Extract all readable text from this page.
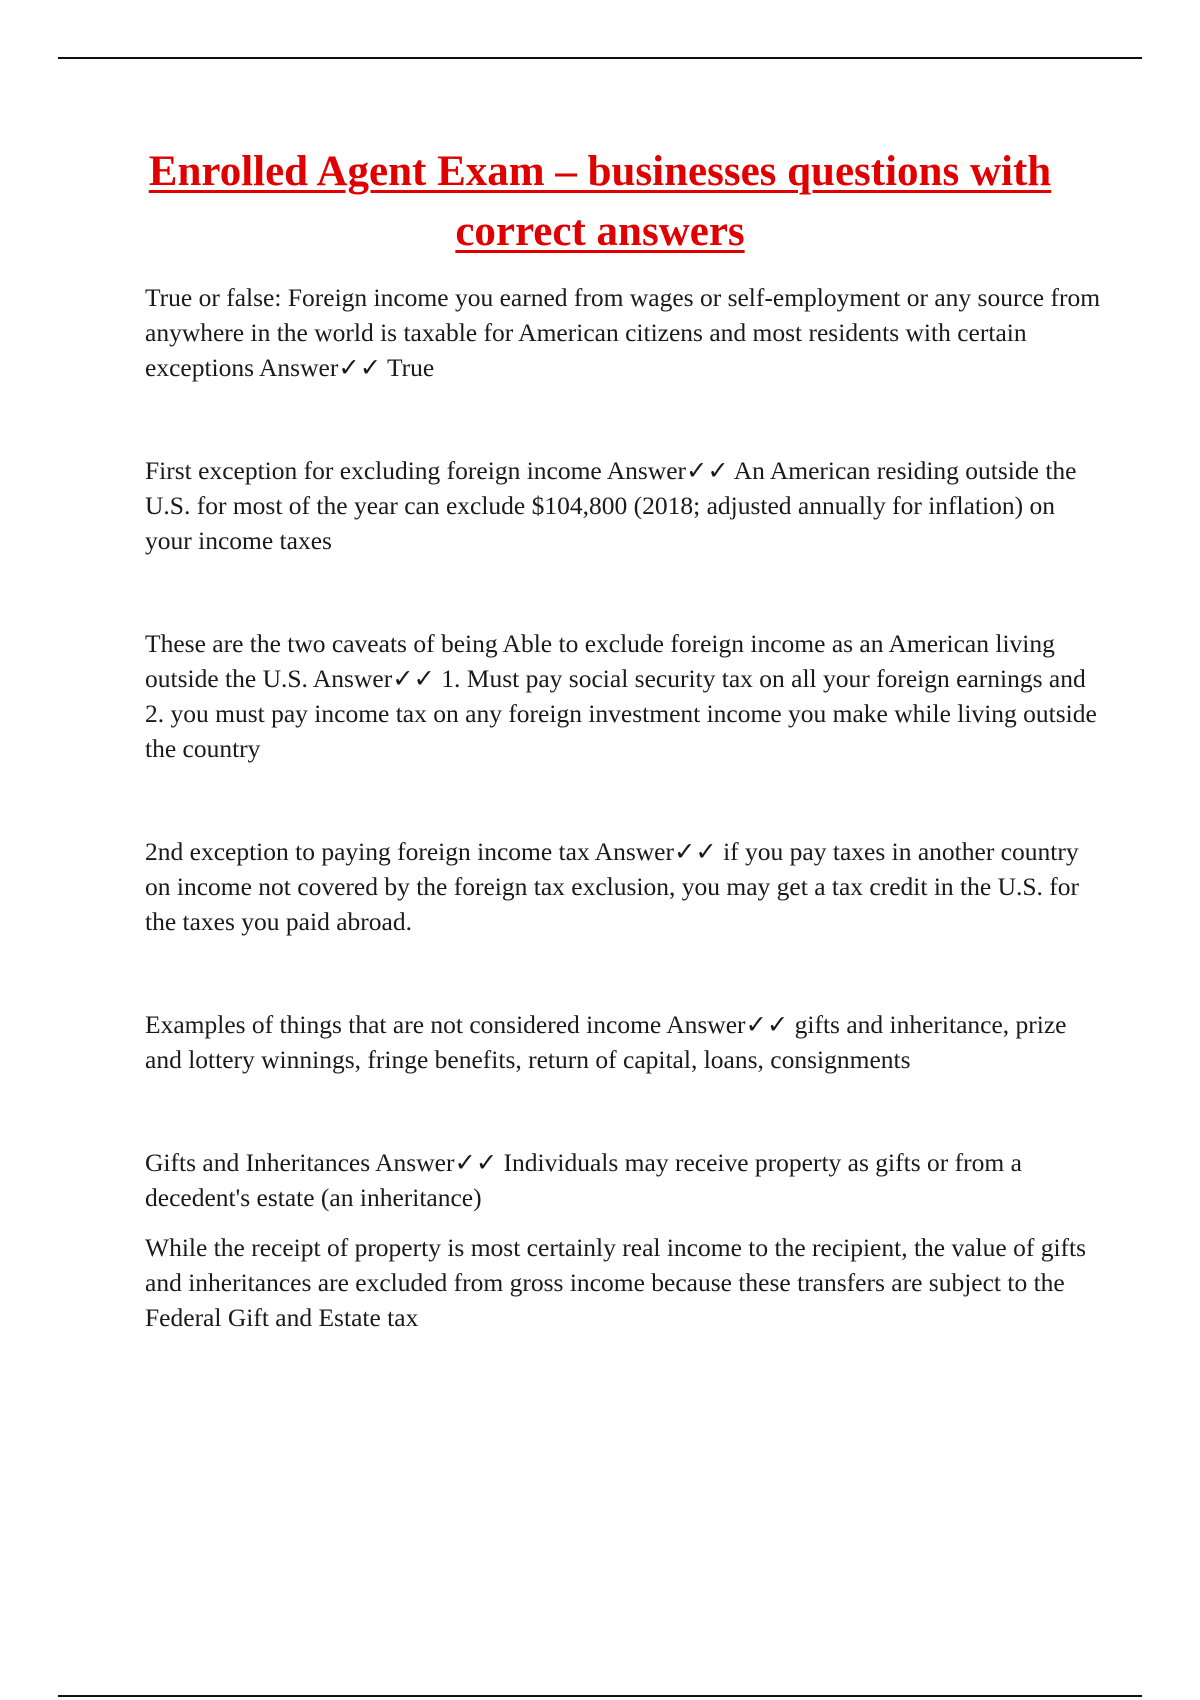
Enrolled Agent Exam – businesses questions with correct answers

True or false: Foreign income you earned from wages or self-employment or any source from anywhere in the world is taxable for American citizens and most residents with certain exceptions Answer✓✓ True

First exception for excluding foreign income Answer✓✓ An American residing outside the U.S. for most of the year can exclude $104,800 (2018; adjusted annually for inflation) on your income taxes

These are the two caveats of being Able to exclude foreign income as an American living outside the U.S. Answer✓✓ 1. Must pay social security tax on all your foreign earnings and 2. you must pay income tax on any foreign investment income you make while living outside the country

2nd exception to paying foreign income tax Answer✓✓ if you pay taxes in another country on income not covered by the foreign tax exclusion, you may get a tax credit in the U.S. for the taxes you paid abroad.

Examples of things that are not considered income Answer✓✓ gifts and inheritance, prize and lottery winnings, fringe benefits, return of capital, loans, consignments

Gifts and Inheritances Answer✓✓ Individuals may receive property as gifts or from a decedent's estate (an inheritance)

While the receipt of property is most certainly real income to the recipient, the value of gifts and inheritances are excluded from gross income because these transfers are subject to the Federal Gift and Estate tax
